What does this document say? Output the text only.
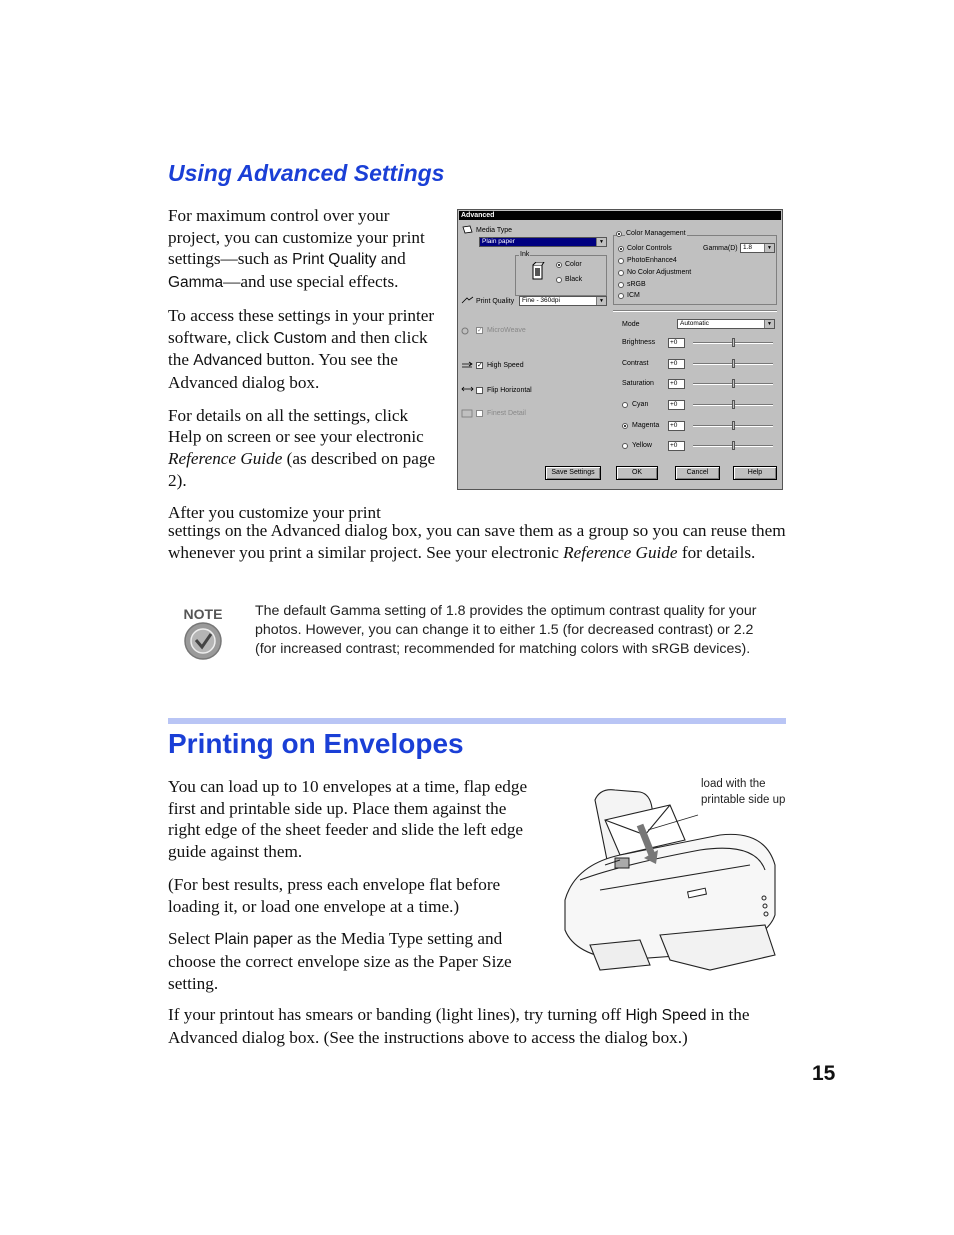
Using Advanced Settings

For maximum control over your project, you can customize your print settings—such as Print Quality and Gamma—and use special effects.

To access these settings in your printer software, click Custom and then click the Advanced button. You see the Advanced dialog box.

For details on all the settings, click Help on screen or see your electronic Reference Guide (as described on page 2).

After you customize your print

settings on the Advanced dialog box, you can save them as a group so you can reuse them whenever you print a similar project. See your electronic Reference Guide for details.
Advanced
Media Type
Plain paper	▼
Ink
Color
Black
Print Quality	Fine - 360dpi	▼
✓ MicroWeave
✓ High Speed
Flip Horizontal
Finest Detail
Color Management
Color Controls
PhotoEnhance4
No Color Adjustment
sRGB
ICM
Gamma(D) 1.8	▼
Mode	Automatic	▼
Brightness	+0
Contrast	+0
Saturation	+0
Cyan	+0
Magenta	+0
Yellow	+0
Save Settings	OK	Cancel	Help
NOTE The default Gamma setting of 1.8 provides the optimum contrast quality for your photos. However, you can change it to either 1.5 (for decreased contrast) or 2.2 (for increased contrast; recommended for matching colors with sRGB devices).
Printing on Envelopes

You can load up to 10 envelopes at a time, flap edge first and printable side up. Place them against the right edge of the sheet feeder and slide the left edge guide against them.

(For best results, press each envelope flat before loading it, or load one envelope at a time.)

Select Plain paper as the Media Type setting and choose the correct envelope size as the Paper Size setting.

If your printout has smears or banding (light lines), try turning off High Speed in the Advanced dialog box. (See the instructions above to access the dialog box.)
load with the printable side up
15
